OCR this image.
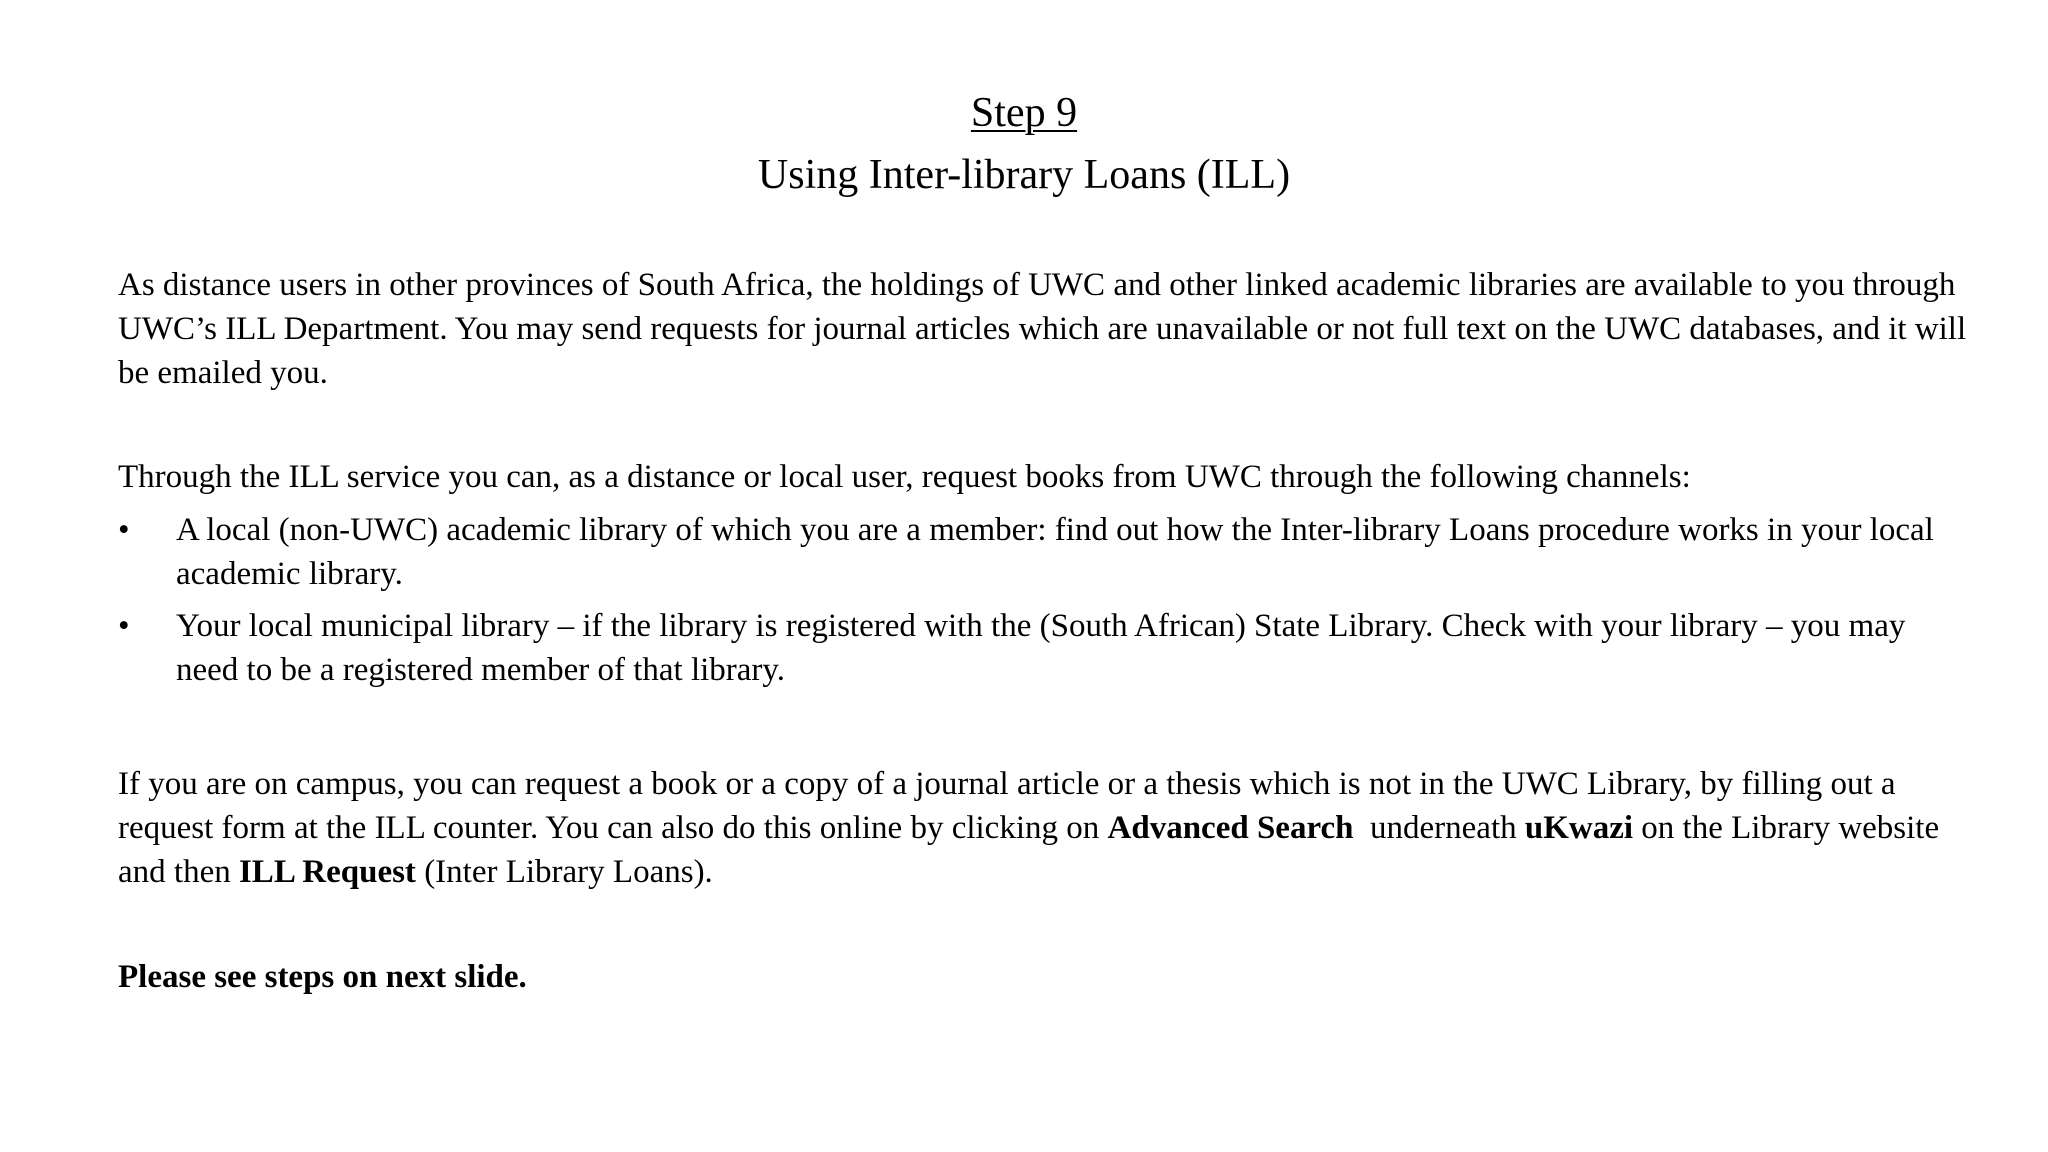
Step 9
Using Inter-library Loans (ILL)

As distance users in other provinces of South Africa, the holdings of UWC and other linked academic libraries are available to you through UWC’s ILL Department. You may send requests for journal articles which are unavailable or not full text on the UWC databases, and it will be emailed you.

Through the ILL service you can, as a distance or local user, request books from UWC through the following channels:

• A local (non-UWC) academic library of which you are a member: find out how the Inter-library Loans procedure works in your local academic library.
• Your local municipal library – if the library is registered with the (South African) State Library. Check with your library – you may need to be a registered member of that library.

If you are on campus, you can request a book or a copy of a journal article or a thesis which is not in the UWC Library, by filling out a request form at the ILL counter. You can also do this online by clicking on Advanced Search  underneath uKwazi on the Library website and then ILL Request (Inter Library Loans).

Please see steps on next slide.
